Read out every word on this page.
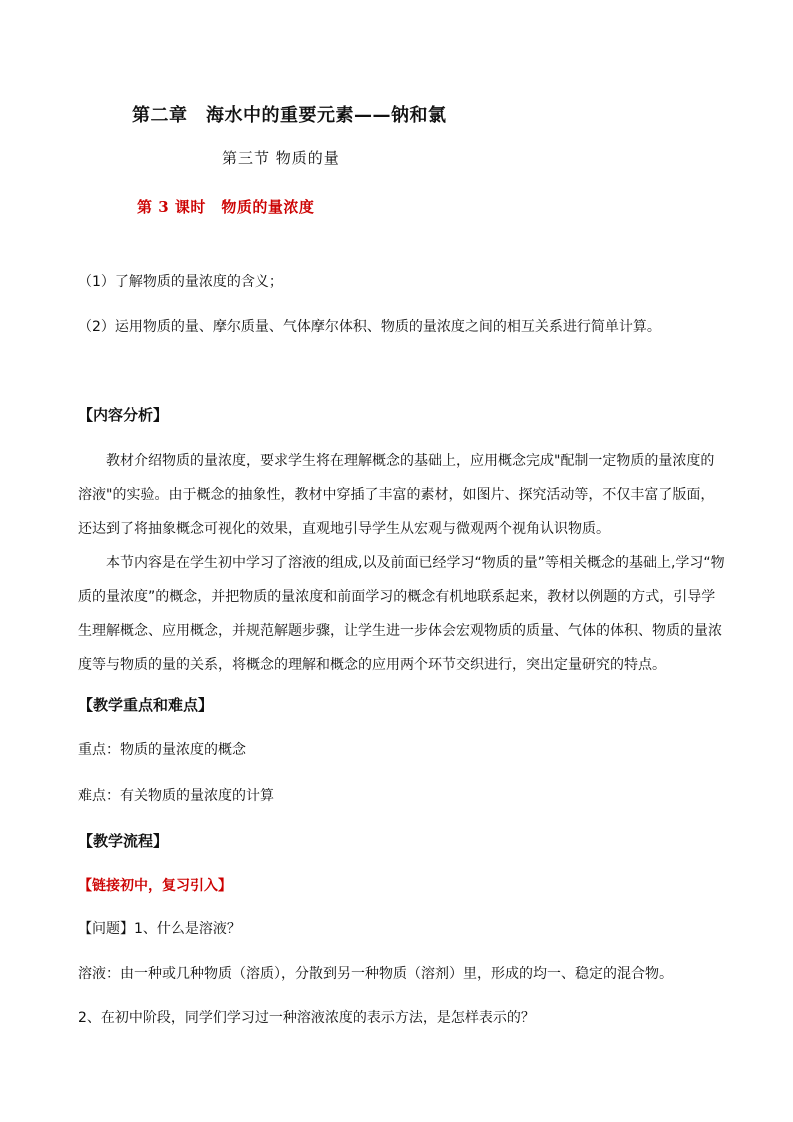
第二章　海水中的重要元素——钠和氯
第三节 物质的量
第 3 课时　物质的量浓度
（1）了解物质的量浓度的含义；
（2）运用物质的量、摩尔质量、气体摩尔体积、物质的量浓度之间的相互关系进行简单计算。
【内容分析】
教材介绍物质的量浓度，要求学生将在理解概念的基础上，应用概念完成"配制一定物质的量浓度的溶液"的实验。由于概念的抽象性，教材中穿插了丰富的素材，如图片、探究活动等，不仅丰富了版面，还达到了将抽象概念可视化的效果，直观地引导学生从宏观与微观两个视角认识物质。
本节内容是在学生初中学习了溶液的组成,以及前面已经学习“物质的量”等相关概念的基础上,学习“物质的量浓度”的概念，并把物质的量浓度和前面学习的概念有机地联系起来，教材以例题的方式，引导学生理解概念、应用概念，并规范解题步骤，让学生进一步体会宏观物质的质量、气体的体积、物质的量浓度等与物质的量的关系，将概念的理解和概念的应用两个环节交织进行，突出定量研究的特点。
【教学重点和难点】
重点：物质的量浓度的概念
难点：有关物质的量浓度的计算
【教学流程】
【链接初中，复习引入】
【问题】1、什么是溶液？
溶液：由一种或几种物质（溶质），分散到另一种物质（溶剂）里，形成的均一、稳定的混合物。
2、在初中阶段，同学们学习过一种溶液浓度的表示方法，是怎样表示的？
